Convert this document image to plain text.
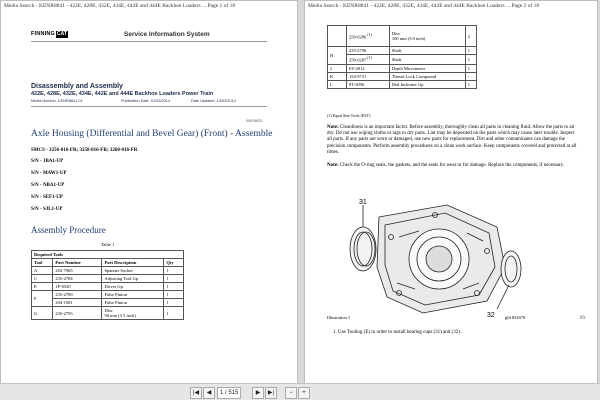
Media Search - KENR8841 - 422E, 428E, 432E, 434E, 442E and 444E Backhoe Loaders ... Page 1 of 18
FINNING CAT	Service Information System
Disassembly and Assembly
422E, 428E, 432E, 434E, 442E and 444E Backhoe Loaders Power Train
Media Number -KENR8841-01	Publication Date -01/03/2014	Date Updated -14/03/2014
i05199022
Axle Housing (Differential and Bevel Gear) (Front) - Assemble
SMCS - 3256-016-FR; 3258-016-FR; 3260-016-FR
S/N - JBA1-UP
S/N - MAW1-UP
S/N - NBA1-UP
S/N - SEF1-UP
S/N - SJL1-UP
Assembly Procedure
Table 1
Required Tools			
Tool	Part Number	Part Description	Qty
A	202-7965	Spanner Socket	1
C	235-2784	Adjusting Tool Gp	1
E	1P-0520	Driver Gp	1
F	235-2789	False Pinion	1
	294-1081	False Pinion	1
G	235-2793	Disc
90 mm (3.5 inch)	1
Media Search - KENR8841 - 422E, 428E, 432E, 434E, 442E and 444E Backhoe Loaders ... Page 2 of 18
	258-0286 $^{(1)}$	Disc
100 mm (3.9 inch)	2
H	235-2796	Shaft	1
	258-0287 $^{(1)}$	Shaft	1
J	6V-2012	Depth Micrometer	1
K	154-9731	Thread Lock Compound	-
L	8T-5096	Dial Indicator Gp	1
(1) Equal Size Tools (EST)
Note: Cleanliness is an important factor. Before assembly, thoroughly clean all parts in cleaning fluid. Allow the parts to air dry. Do not use wiping cloths or rags to dry parts. Lint may be deposited on the parts which may cause later trouble. Inspect all parts. If any parts are worn or damaged, use new parts for replacement. Dirt and other contaminants can damage the precision components. Perform assembly procedures on a clean work surface. Keep components covered and protected at all times.
Note: Check the O-ring seals, the gaskets, and the seals for wear or for damage. Replace the components, if necessary.
31
32
Illustration 1	g01852670
1. Use Tooling (E) in order to install bearing cups (31) and (32) .
89.
|◀	◀	1 / 515	▶	▶|	−	+
